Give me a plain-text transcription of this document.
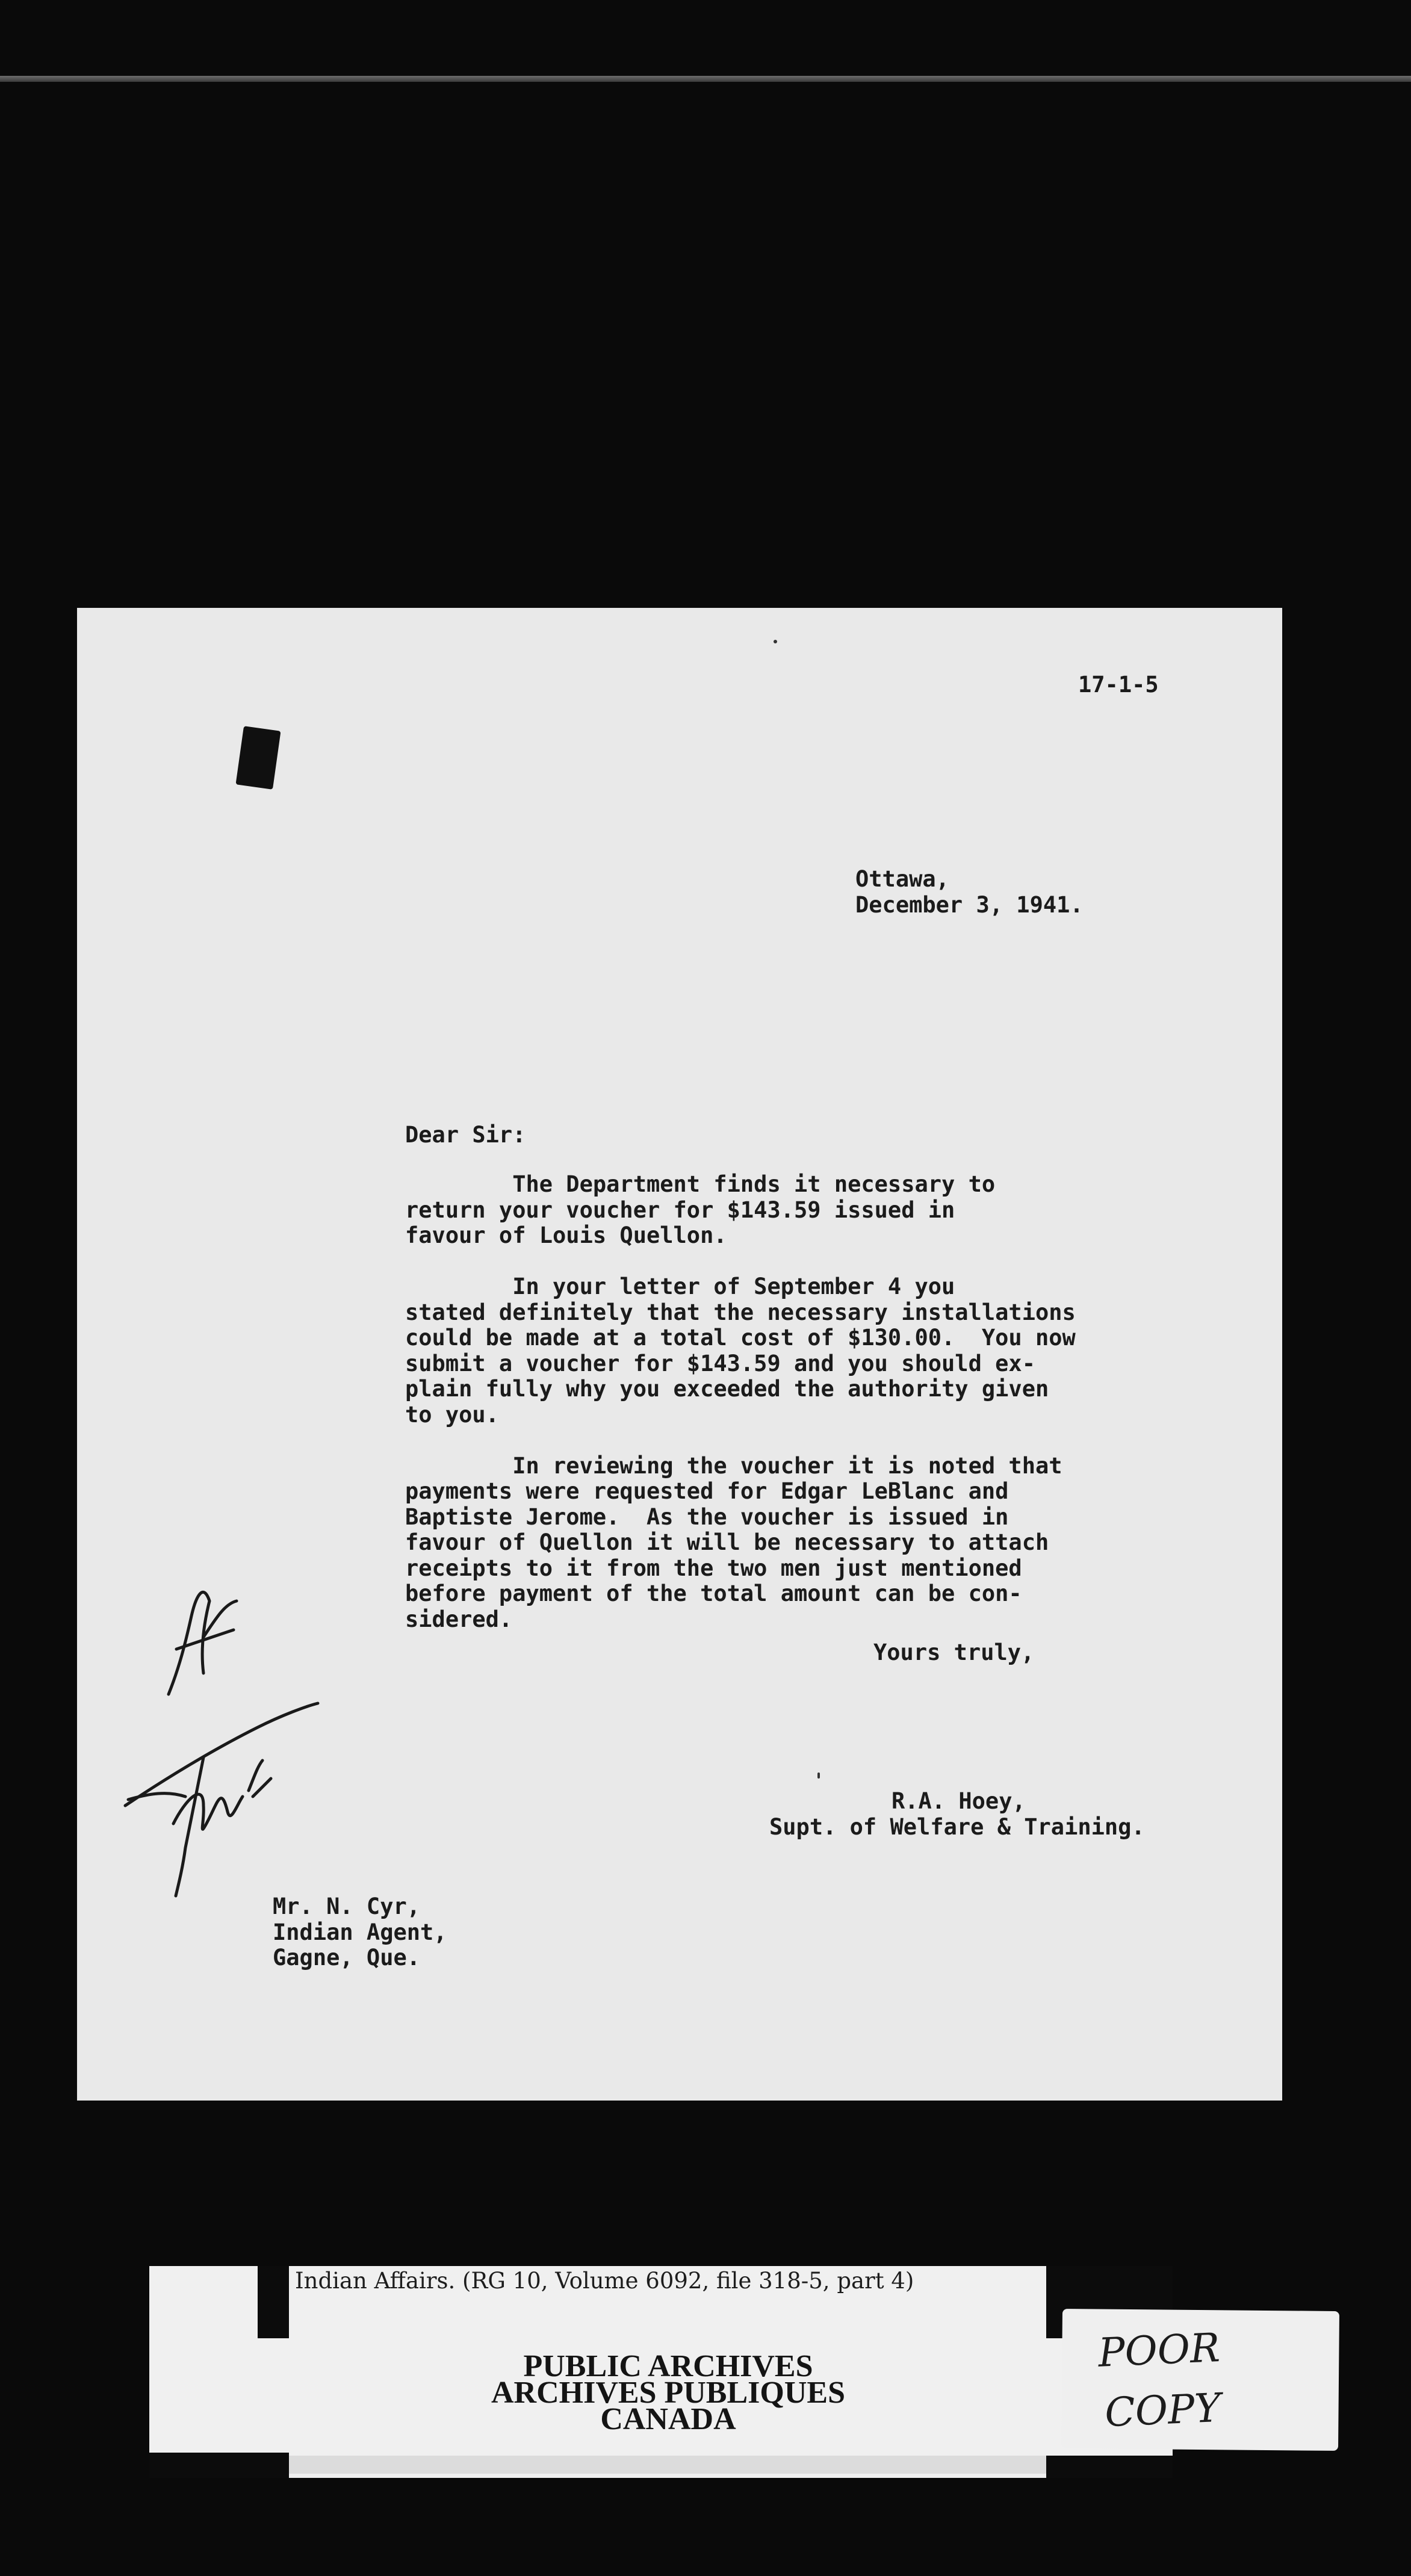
17-1-5
Ottawa,
December 3, 1941.
Dear Sir:
The Department finds it necessary to
return your voucher for $143.59 issued in
favour of Louis Quellon.

In your letter of September 4 you
stated definitely that the necessary installations
could be made at a total cost of $130.00.  You now
submit a voucher for $143.59 and you should ex-
plain fully why you exceeded the authority given
to you.

In reviewing the voucher it is noted that
payments were requested for Edgar LeBlanc and
Baptiste Jerome.  As the voucher is issued in
favour of Quellon it will be necessary to attach
receipts to it from the two men just mentioned
before payment of the total amount can be con-
sidered.
Yours truly,
R.A. Hoey,
Supt. of Welfare & Training.
Mr. N. Cyr,
Indian Agent,
Gagne, Que.
Indian Affairs. (RG 10, Volume 6092, file 318-5, part 4)
PUBLIC ARCHIVES
ARCHIVES PUBLIQUES
CANADA
POOR
COPY
